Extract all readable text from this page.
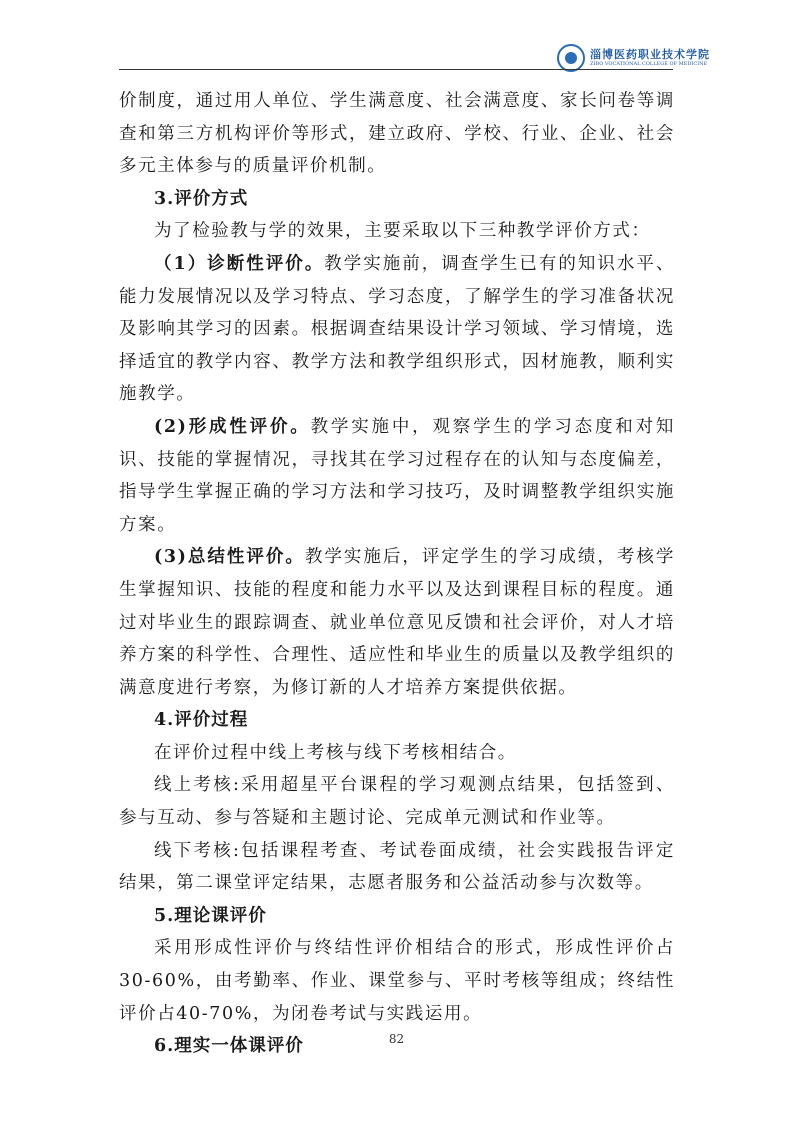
淄博医药职业技术学院
ZIBO VOCATIONAL COLLEGE OF MEDICINE

价制度，通过用人单位、学生满意度、社会满意度、家长问卷等调查和第三方机构评价等形式，建立政府、学校、行业、企业、社会多元主体参与的质量评价机制。

3.评价方式

为了检验教与学的效果，主要采取以下三种教学评价方式：

（1）诊断性评价。教学实施前，调查学生已有的知识水平、能力发展情况以及学习特点、学习态度，了解学生的学习准备状况及影响其学习的因素。根据调查结果设计学习领域、学习情境，选择适宜的教学内容、教学方法和教学组织形式，因材施教，顺利实施教学。

(2)形成性评价。教学实施中，观察学生的学习态度和对知识、技能的掌握情况，寻找其在学习过程存在的认知与态度偏差，指导学生掌握正确的学习方法和学习技巧，及时调整教学组织实施方案。

(3)总结性评价。教学实施后，评定学生的学习成绩，考核学生掌握知识、技能的程度和能力水平以及达到课程目标的程度。通过对毕业生的跟踪调查、就业单位意见反馈和社会评价，对人才培养方案的科学性、合理性、适应性和毕业生的质量以及教学组织的满意度进行考察，为修订新的人才培养方案提供依据。

4.评价过程

在评价过程中线上考核与线下考核相结合。

线上考核:采用超星平台课程的学习观测点结果，包括签到、参与互动、参与答疑和主题讨论、完成单元测试和作业等。

线下考核:包括课程考查、考试卷面成绩，社会实践报告评定结果，第二课堂评定结果，志愿者服务和公益活动参与次数等。

5.理论课评价

采用形成性评价与终结性评价相结合的形式，形成性评价占30-60%，由考勤率、作业、课堂参与、平时考核等组成；终结性评价占40-70%，为闭卷考试与实践运用。

6.理实一体课评价	82
